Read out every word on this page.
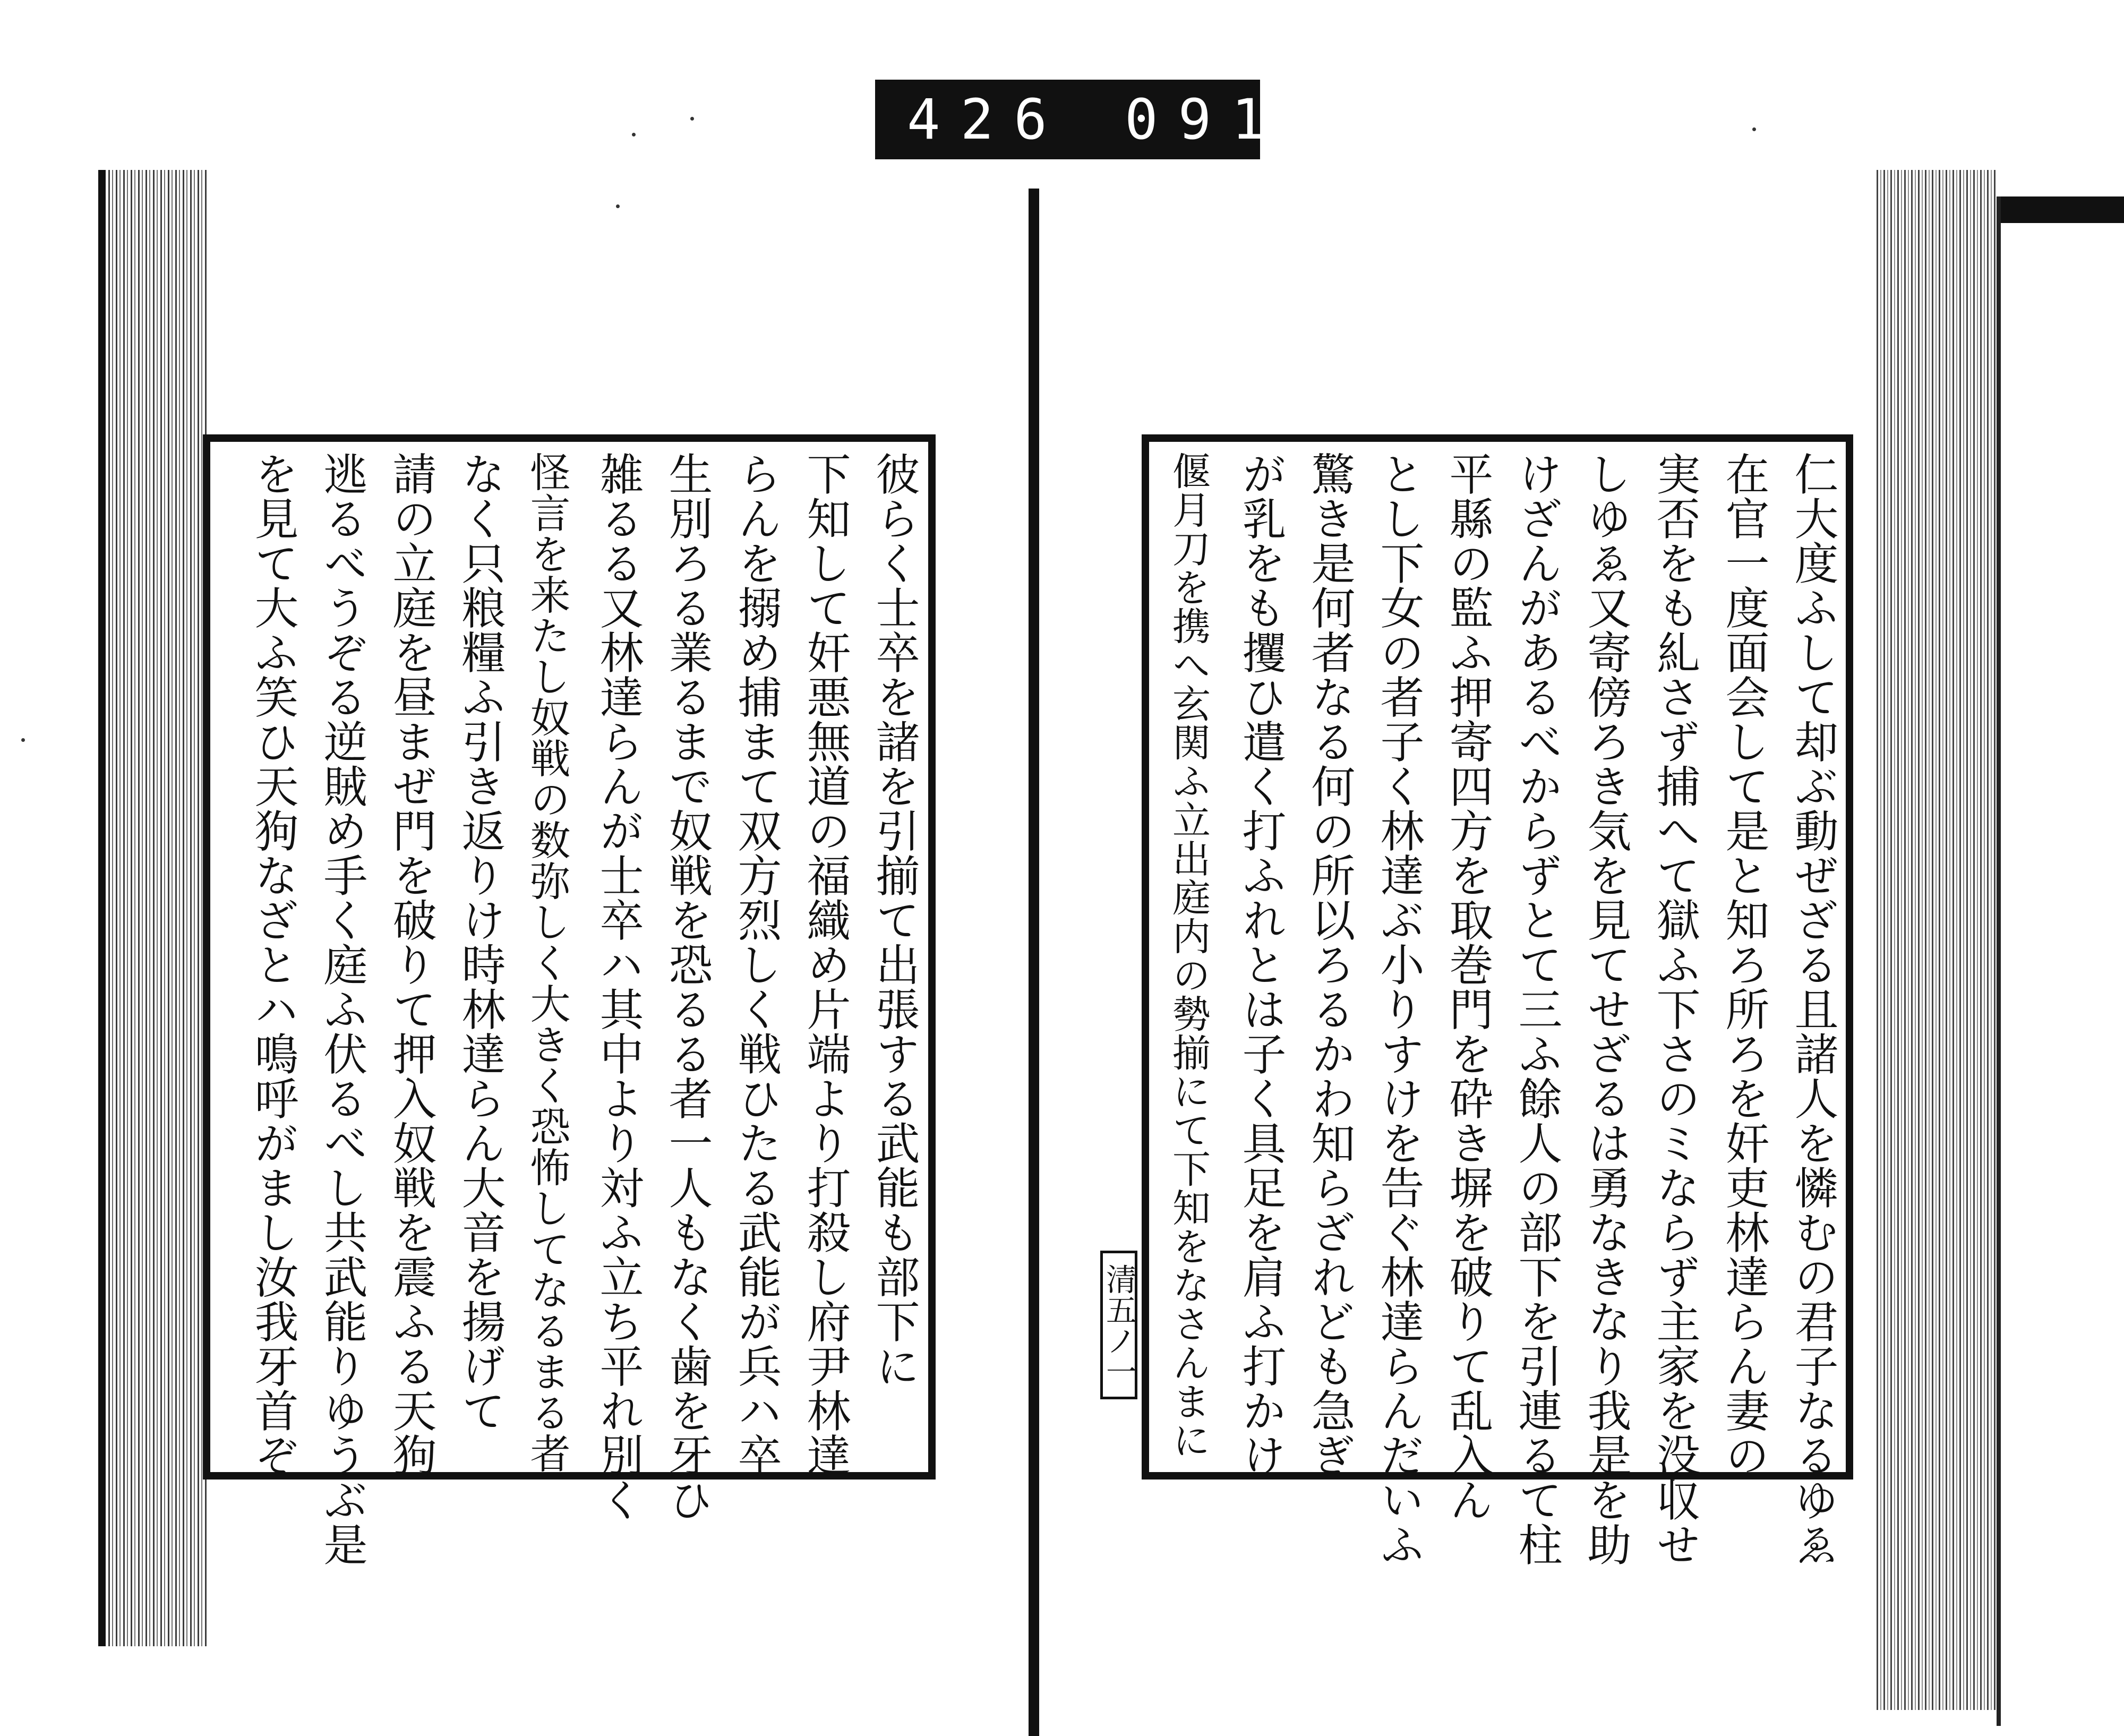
426 091.
仁大度ふして却ぶ動ぜざる且諸人を憐むの君子なるゆゑ
在官一度面会して是と知ろ所ろを奸吏林達らん妻の
実否をも糺さず捕へて獄ふ下さのミならず主家を没収せ
しゆゑ又寄傍ろき気を見てせざるは勇なきなり我是を助
けざんがあるべからずとて三ふ餘人の部下を引連るて柱
平縣の監ふ押寄四方を取巻門を砕き塀を破りて乱入ん
とし下女の者子く林達ぶ小りすけを告ぐ林達らんだいふ
驚き是何者なる何の所以ろるかわ知らざれども急ぎ
が乳をも攫ひ遣く打ふれとは子く具足を肩ふ打かけ
偃月刀を携へ玄関ふ立出庭内の勢揃にて下知をなさんまに
清五ノ一
彼らく士卒を諸を引揃て出張する武能も部下に
下知して奸悪無道の福織め片端より打殺し府尹林達
らんを搦め捕まて双方烈しく戦ひたる武能が兵ハ卒
生別ろる業るまで奴戦を恐るる者一人もなく歯を牙ひ
雑るる又林達らんが士卒ハ其中より対ふ立ち平れ別く
怪言を来たし奴戦の数弥しく大きく恐怖してなるまる者
なく只粮糧ふ引き返りけ時林達らん大音を揚げて
請の立庭を昼まぜ門を破りて押入奴戦を震ふる天狗
逃るべうぞる逆賊め手く庭ふ伏るべし共武能りゆうぶ是
を見て大ふ笑ひ天狗なざとハ鳴呼がまし汝我牙首ぞ
